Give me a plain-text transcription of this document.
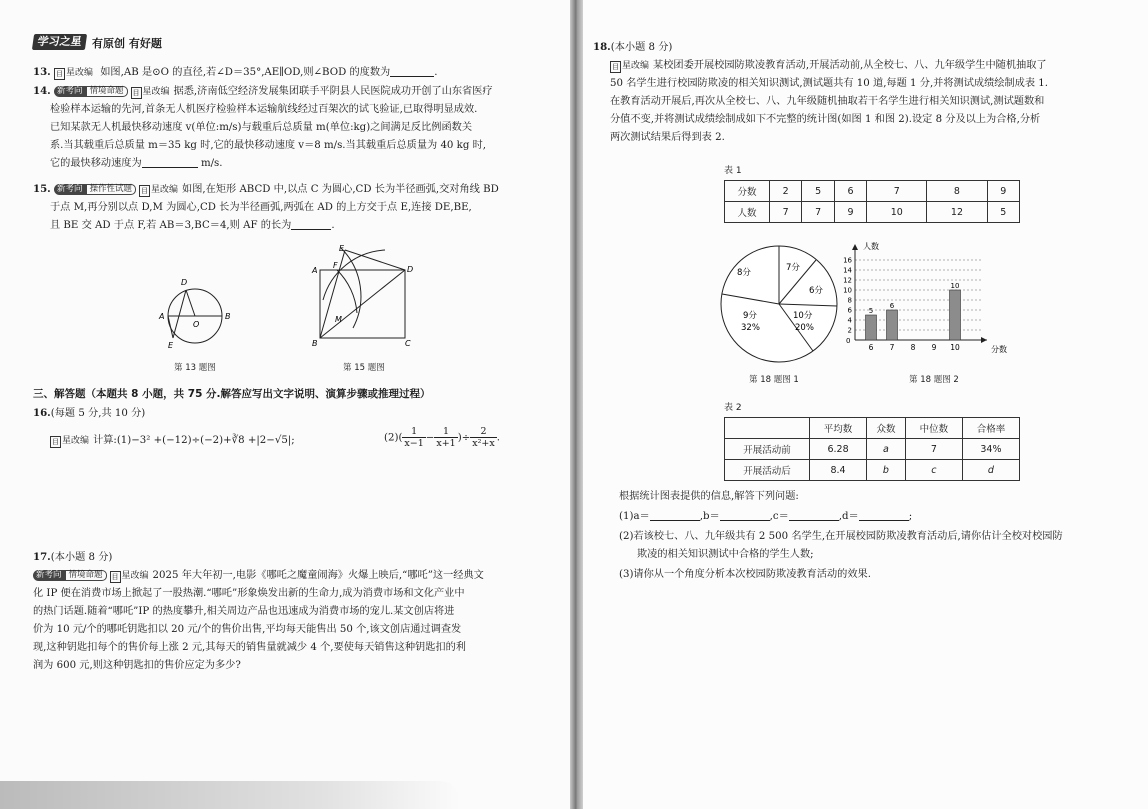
学习之星 有原创 有好题
13. 目 星改编 如图,AB 是⊙O 的直径,若∠D＝35°,AE∥OD,则∠BOD 的度数为	.
14. 新考向 情境命题 目 星改编 据悉,济南低空经济发展集团联手平阴县人民医院成功开创了山东省医疗
检验样本运输的先河,首条无人机医疗检验样本运输航线经过百架次的试飞验证,已取得明显成效.
已知某款无人机最快移动速度 v(单位:m/s)与载重后总质量 m(单位:kg)之间满足反比例函数关
系.当其载重后总质量 m＝35 kg 时,它的最快移动速度 v＝8 m/s.当其载重后总质量为 40 kg 时,
它的最快移动速度为	m/s.
15. 新考向 操作性试题 目 星改编 如图,在矩形 ABCD 中,以点 C 为圆心,CD 长为半径画弧,交对角线 BD
于点 M,再分别以点 D,M 为圆心,CD 长为半径画弧,两弧在 AD 的上方交于点 E,连接 DE,BE,
且 BE 交 AD 于点 F,若 AB＝3,BC＝4,则 AF 的长为	.
D
A
O
B
E
第 13 题图
E
F
A	D
M
B	C
第 15 题图
三、解答题（本题共 8 小题，共 75 分.解答应写出文字说明、演算步骤或推理过程）
16.(每题 5 分,共 10 分)
目 星改编 计算:(1)−3² +(−12)÷(−2)+∛8 +|2−√5|;	$(2)( \frac{1}{x-1} - \frac{1}{x+1}$ )÷ $\frac{2}{\text{x²+x}}$ .
17.(本小题 8 分)
新考向 情境命题 目 星改编 2025 年大年初一,电影《哪吒之魔童闹海》火爆上映后,“哪吒”这一经典文
化 IP 便在消费市场上掀起了一股热潮.“哪吒”形象焕发出新的生命力,成为消费市场和文化产业中
的热门话题.随着“哪吒”IP 的热度攀升,相关周边产品也迅速成为消费市场的宠儿.某文创店将进
价为 10 元/个的哪吒钥匙扣以 20 元/个的售价出售,平均每天能售出 50 个,该文创店通过调查发
现,这种钥匙扣每个的售价每上涨 2 元,其每天的销售量就减少 4 个,要使每天销售这种钥匙扣的利
润为 600 元,则这种钥匙扣的售价应定为多少?
18.(本小题 8 分)
目 星改编 某校团委开展校园防欺凌教育活动,开展活动前,从全校七、八、九年级学生中随机抽取了
50 名学生进行校园防欺凌的相关知识测试,测试题共有 10 道,每题 1 分,并将测试成绩绘制成表 1.
在教育活动开展后,再次从全校七、八、九年级随机抽取若干名学生进行相关知识测试,测试题数和
分值不变,并将测试成绩绘制成如下不完整的统计图(如图 1 和图 2).设定 8 分及以上为合格,分析
两次测试结果后得到表 2.
表 1
分数	2	5	6	7	8	9
人数	7	7	9	10	12	5
8分	7分
6分
10分
20%
9分
32%
第 18 题图 1
人数
分数
0
2
4
6
8
10
12
14
16
6
5
7
6
8 9 10
10
第 18 题图 2
表 2
	平均数	众数	中位数	合格率
开展活动前	6.28	a	7	34%
开展活动后	8.4	b	c	d
根据统计图表提供的信息,解答下列问题:
(1)a＝	,b＝	,c＝	,d＝	;
(2)若该校七、八、九年级共有 2 500 名学生,在开展校园防欺凌教育活动后,请你估计全校对校园防
欺凌的相关知识测试中合格的学生人数;
(3)请你从一个角度分析本次校园防欺凌教育活动的效果.
